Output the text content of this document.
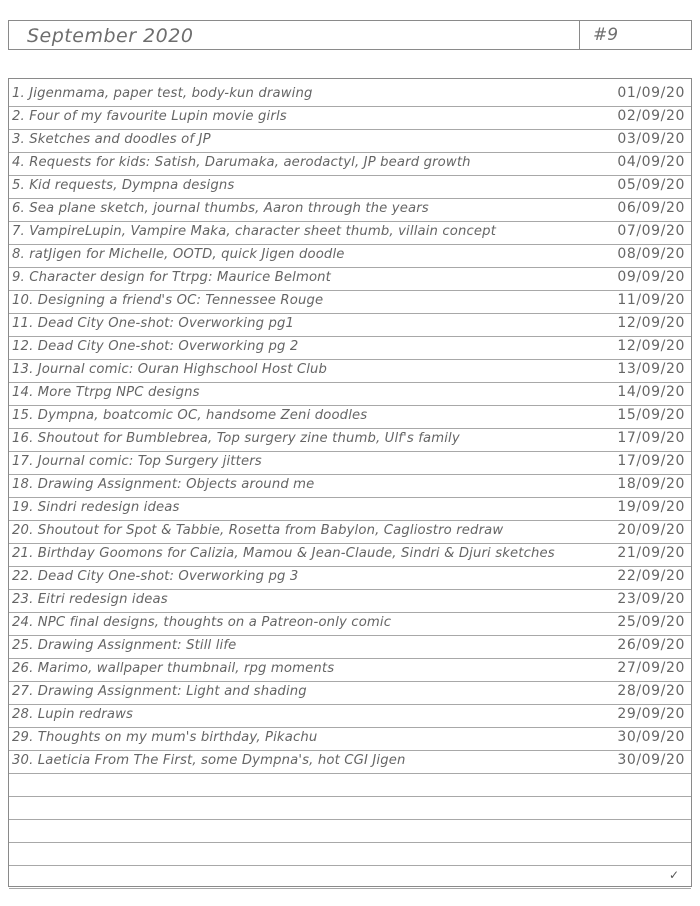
September 2020	#9
1. Jigenmama, paper test, body-kun drawing	01/09/20
2. Four of my favourite Lupin movie girls	02/09/20
3. Sketches and doodles of JP	03/09/20
4. Requests for kids: Satish, Darumaka, aerodactyl, JP beard growth	04/09/20
5. Kid requests, Dympna designs	05/09/20
6. Sea plane sketch, journal thumbs, Aaron through the years	06/09/20
7. VampireLupin, Vampire Maka, character sheet thumb, villain concept	07/09/20
8. ratJigen for Michelle, OOTD, quick Jigen doodle	08/09/20
9. Character design for Ttrpg: Maurice Belmont	09/09/20
10. Designing a friend's OC: Tennessee Rouge	11/09/20
11. Dead City One-shot: Overworking pg1	12/09/20
12. Dead City One-shot: Overworking pg 2	12/09/20
13. Journal comic: Ouran Highschool Host Club	13/09/20
14. More Ttrpg NPC designs	14/09/20
15. Dympna, boatcomic OC, handsome Zeni doodles	15/09/20
16. Shoutout for Bumblebrea, Top surgery zine thumb, Ulf's family	17/09/20
17. Journal comic: Top Surgery jitters	17/09/20
18. Drawing Assignment: Objects around me	18/09/20
19. Sindri redesign ideas	19/09/20
20. Shoutout for Spot & Tabbie, Rosetta from Babylon, Cagliostro redraw	20/09/20
21. Birthday Goomons for Calizia, Mamou & Jean-Claude, Sindri & Djuri sketches	21/09/20
22. Dead City One-shot: Overworking pg 3	22/09/20
23. Eitri redesign ideas	23/09/20
24. NPC final designs, thoughts on a Patreon-only comic	25/09/20
25. Drawing Assignment: Still life	26/09/20
26. Marimo, wallpaper thumbnail, rpg moments	27/09/20
27. Drawing Assignment: Light and shading	28/09/20
28. Lupin redraws	29/09/20
29. Thoughts on my mum's birthday, Pikachu	30/09/20
30. Laeticia From The First, some Dympna's, hot CGI Jigen	30/09/20
✓
